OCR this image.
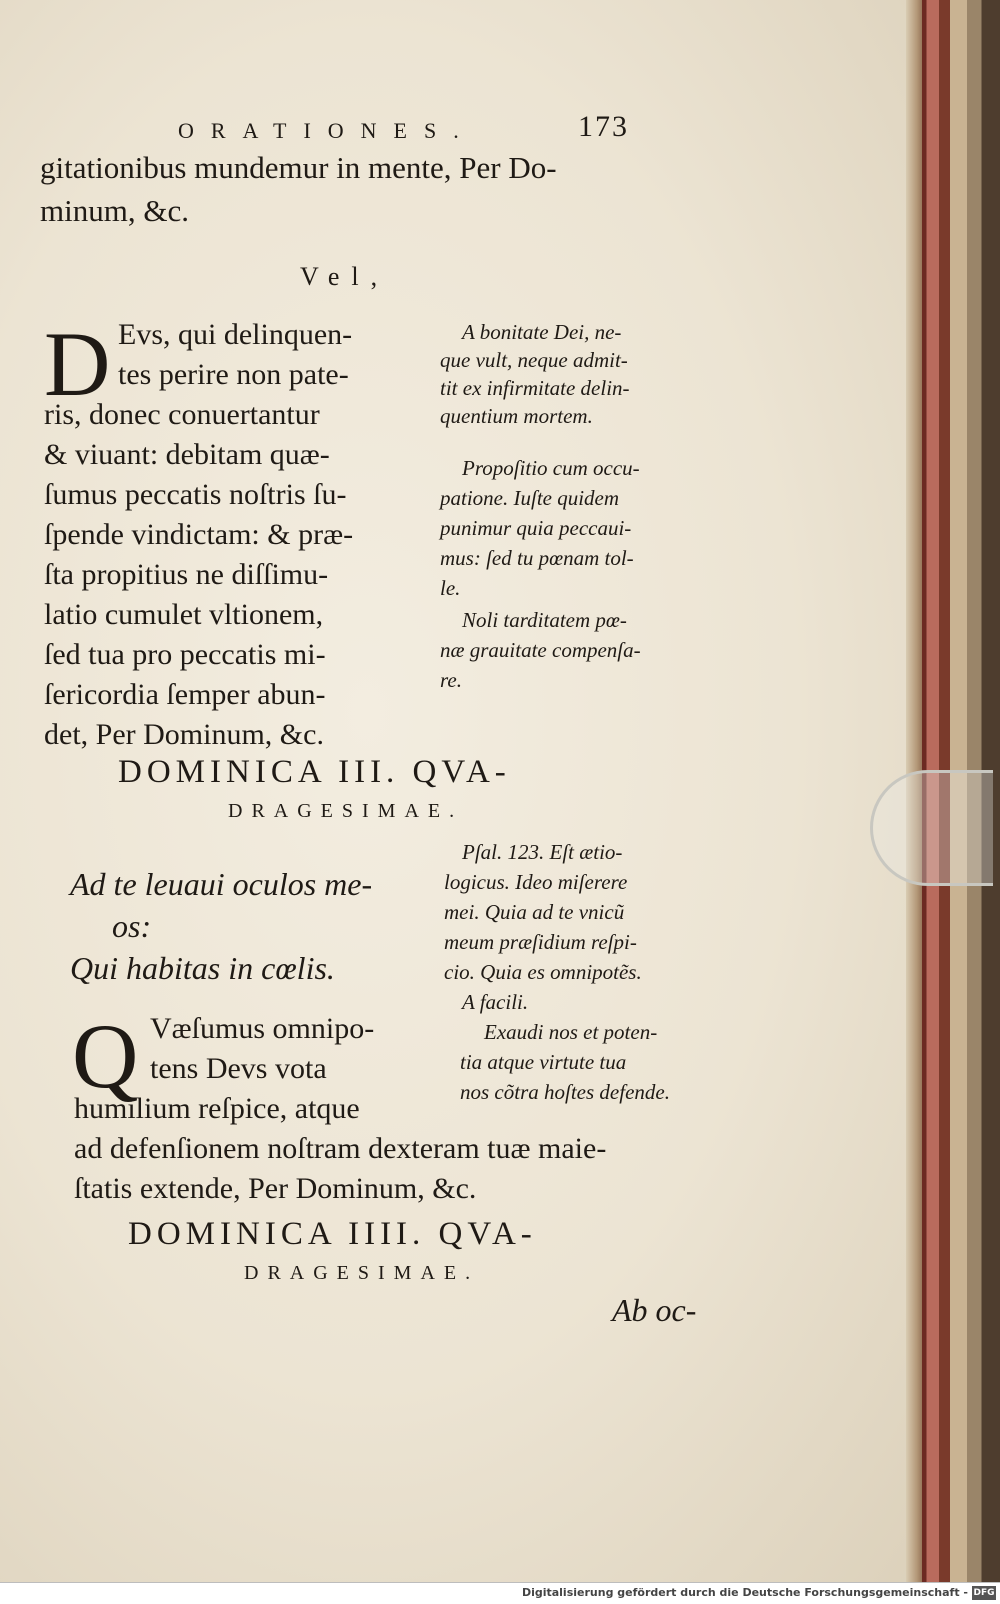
ORATIONES.	173
gitationibus mundemur in mente, Per Do-
minum, &c.
Vel,
D Evs, qui delinquen-
tes perire non pate-
ris, donec conuertantur
& viuant: debitam quæ-
ſumus peccatis noſtris ſu-
ſpende vindictam: & præ-
ſta propitius ne diſſimu-
latio cumulet vltionem,
ſed tua pro peccatis mi-
ſericordia ſemper abun-
det, Per Dominum, &c.
A bonitate Dei, ne-
que vult, neque admit-
tit ex infirmitate delin-
quentium mortem.
Propoſitio cum occu-
patione. Iuſte quidem
punimur quia peccaui-
mus: ſed tu pœnam tol-
le.
Noli tarditatem pœ-
næ grauitate compenſa-
re.
DOMINICA III. QVA-
DRAGESIMAE.
Ad te leuaui oculos me-
os:
Qui habitas in cœlis.
Pſal. 123. Eſt ætio-
logicus. Ideo miſerere
mei. Quia ad te vnicũ
meum præſidium reſpi-
cio. Quia es omnipotẽs.
A facili.
Exaudi nos et poten-
tia atque virtute tua
nos cõtra hoſtes defende.
Q Væſumus omnipo-
tens Devs vota
humilium reſpice, atque
ad defenſionem noſtram dexteram tuæ maie-
ſtatis extende, Per Dominum, &c.
DOMINICA IIII. QVA-
DRAGESIMAE.
Ab oc-
Digitalisierung gefördert durch die Deutsche Forschungsgemeinschaft - DFG
